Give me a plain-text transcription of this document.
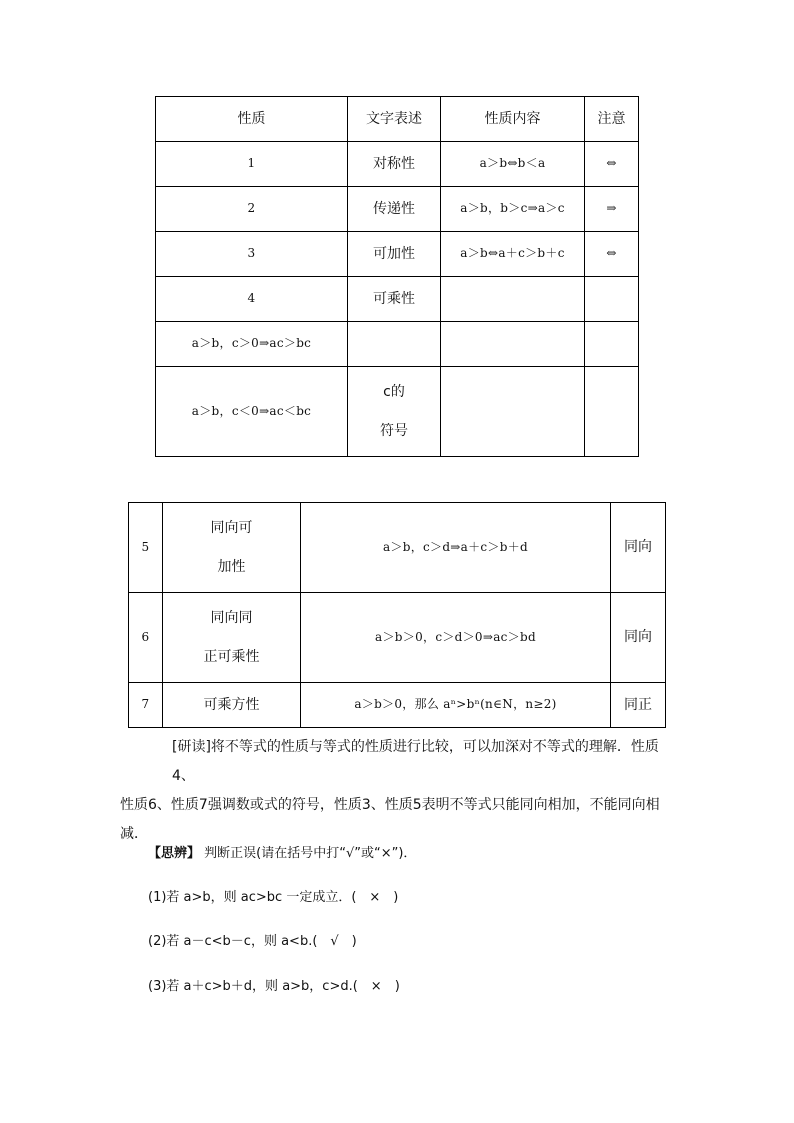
性质	文字表述	性质内容	注意
1	对称性	a＞b⇔b＜a	⇔
2	传递性	a＞b，b＞c⇒a＞c	⇒
3	可加性	a＞b⇔a＋c＞b＋c	⇔
4	可乘性		
a＞b，c＞0⇒ac＞bc			
a＞b，c＜0⇒ac＜bc	c的
符号		

5	同向可
加性	a＞b，c＞d⇒a＋c＞b＋d	同向
6	同向同
正可乘性	a＞b＞0，c＞d＞0⇒ac＞bd	同向
7	可乘方性	a＞b＞0，那么 aⁿ>bⁿ(n∈N，n≥2)	同正
[研读]将不等式的性质与等式的性质进行比较，可以加深对不等式的理解．性质4、
性质6、性质7强调数或式的符号，性质3、性质5表明不等式只能同向相加，不能同向相
减．
【思辨】 判断正误(请在括号中打“√”或“×”)．
(1)若 a>b，则 ac>bc 一定成立．(　×　)
(2)若 a－c<b－c，则 a<b.(　√　)
(3)若 a＋c>b＋d，则 a>b，c>d.(　×　)
